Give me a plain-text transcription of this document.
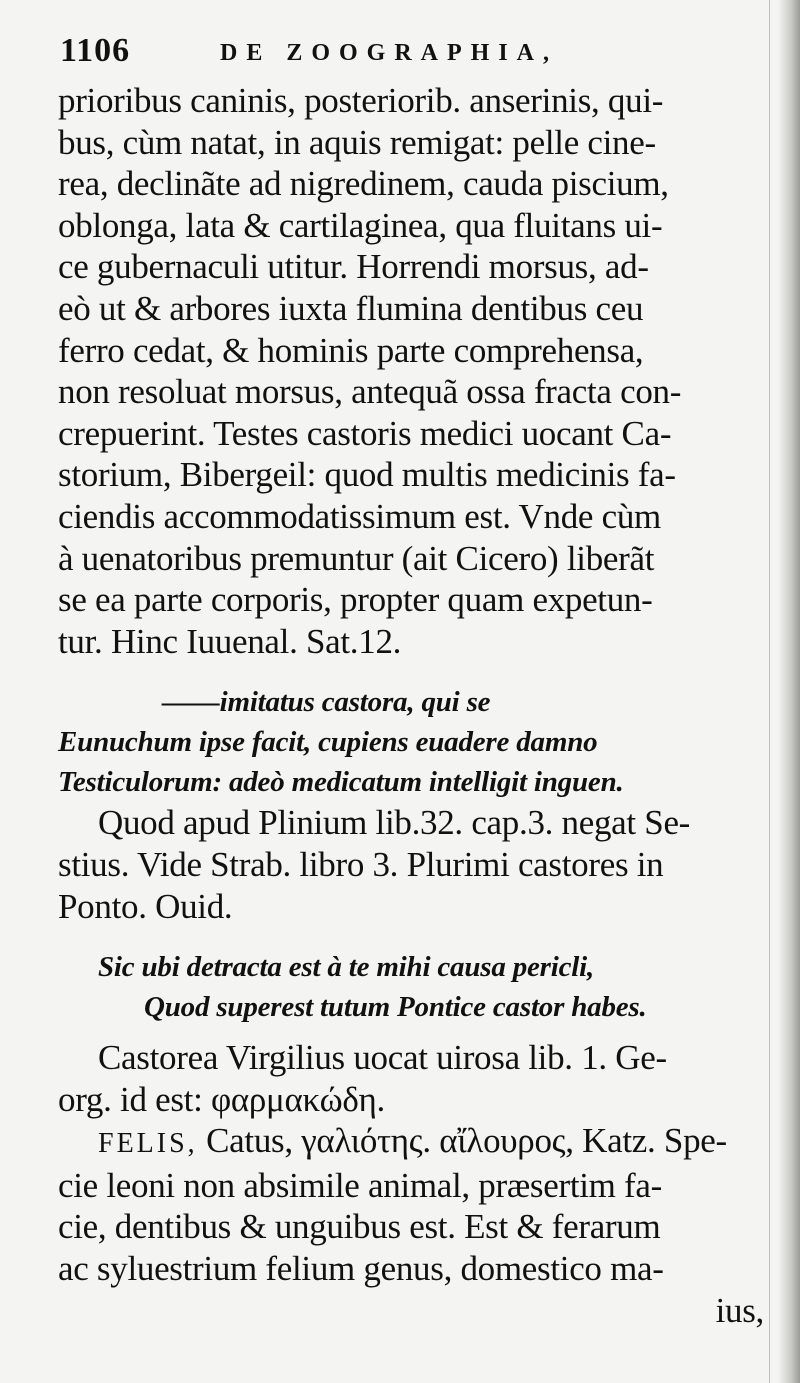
1106	DE ZOOGRAPHIA,
prioribus caninis, posteriorib. anserinis, qui-
bus, cùm natat, in aquis remigat: pelle cine-
rea, declinãte ad nigredinem, cauda piscium,
oblonga, lata & cartilaginea, qua fluitans ui-
ce gubernaculi utitur. Horrendi morsus, ad-
eò ut & arbores iuxta flumina dentibus ceu
ferro cedat, & hominis parte comprehensa,
non resoluat morsus, antequã ossa fracta con-
crepuerint. Testes castoris medici uocant Ca-
storium, Bibergeil: quod multis medicinis fa-
ciendis accommodatissimum est. Vnde cùm
à uenatoribus premuntur (ait Cicero) liberãt
se ea parte corporis, propter quam expetun-
tur. Hinc Iuuenal. Sat.12.
——imitatus castora, qui se
Eunuchum ipse facit, cupiens euadere damno
Testiculorum: adeò medicatum intelligit inguen.
Quod apud Plinium lib.32. cap.3. negat Se-
stius. Vide Strab. libro 3. Plurimi castores in
Ponto. Ouid.
Sic ubi detracta est à te mihi causa pericli,
Quod superest tutum Pontice castor habes.
Castorea Virgilius uocat uirosa lib. 1. Ge-
org. id est: φαρμακώδη.
FELIS, Catus, γαλιότης. αἴλουρος, Katz. Spe-
cie leoni non absimile animal, præsertim fa-
cie, dentibus & unguibus est. Est & ferarum
ac syluestrium felium genus, domestico ma-
ius,
